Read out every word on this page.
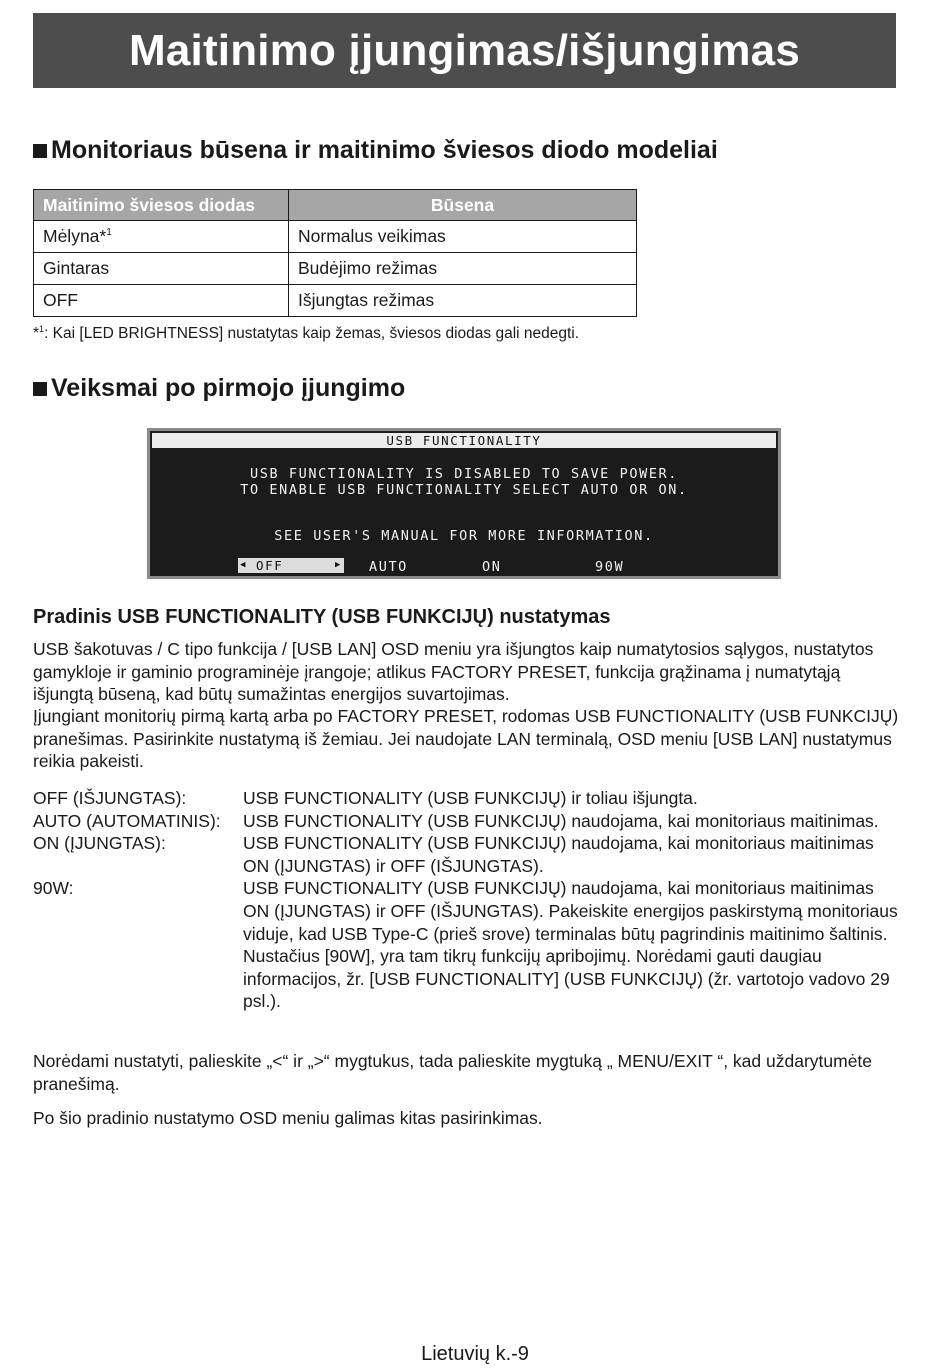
Maitinimo įjungimas/išjungimas
Monitoriaus būsena ir maitinimo šviesos diodo modeliai
Maitinimo šviesos diodas	Būsena
Mėlyna*$^1$	Normalus veikimas
Gintaras	Budėjimo režimas
OFF	Išjungtas režimas
*$^1$: Kai [LED BRIGHTNESS] nustatytas kaip žemas, šviesos diodas gali nedegti.
Veiksmai po pirmojo įjungimo
USB FUNCTIONALITY
USB FUNCTIONALITY IS DISABLED TO SAVE POWER.
TO ENABLE USB FUNCTIONALITY SELECT AUTO OR ON.
SEE USER'S MANUAL FOR MORE INFORMATION.
◀ OFF	▶ AUTO	ON	90W
Pradinis USB FUNCTIONALITY (USB FUNKCIJŲ) nustatymas

USB šakotuvas / C tipo funkcija / [USB LAN] OSD meniu yra išjungtos kaip numatytosios sąlygos, nustatytos gamykloje ir gaminio programinėje įrangoje; atlikus FACTORY PRESET, funkcija grąžinama į numatytąją išjungtą būseną, kad būtų sumažintas energijos suvartojimas.

Įjungiant monitorių pirmą kartą arba po FACTORY PRESET, rodomas USB FUNCTIONALITY (USB FUNKCIJŲ) pranešimas. Pasirinkite nustatymą iš žemiau. Jei naudojate LAN terminalą, OSD meniu [USB LAN] nustatymus reikia pakeisti.

OFF (IŠJUNGTAS):	USB FUNCTIONALITY (USB FUNKCIJŲ) ir toliau išjungta.
AUTO (AUTOMATINIS):	USB FUNCTIONALITY (USB FUNKCIJŲ) naudojama, kai monitoriaus maitinimas.
ON (ĮJUNGTAS):	USB FUNCTIONALITY (USB FUNKCIJŲ) naudojama, kai monitoriaus maitinimas ON (ĮJUNGTAS) ir OFF (IŠJUNGTAS).
90W:	USB FUNCTIONALITY (USB FUNKCIJŲ) naudojama, kai monitoriaus maitinimas ON (ĮJUNGTAS) ir OFF (IŠJUNGTAS). Pakeiskite energijos paskirstymą monitoriaus viduje, kad USB Type-C (prieš srove) terminalas būtų pagrindinis maitinimo šaltinis. Nustačius [90W], yra tam tikrų funkcijų apribojimų. Norėdami gauti daugiau informacijos, žr. [USB FUNCTIONALITY] (USB FUNKCIJŲ) (žr. vartotojo vadovo 29 psl.).

Norėdami nustatyti, palieskite „<“ ir „>“ mygtukus, tada palieskite mygtuką „ MENU/EXIT “, kad uždarytumėte pranešimą.

Po šio pradinio nustatymo OSD meniu galimas kitas pasirinkimas.

Lietuvių k.-9
